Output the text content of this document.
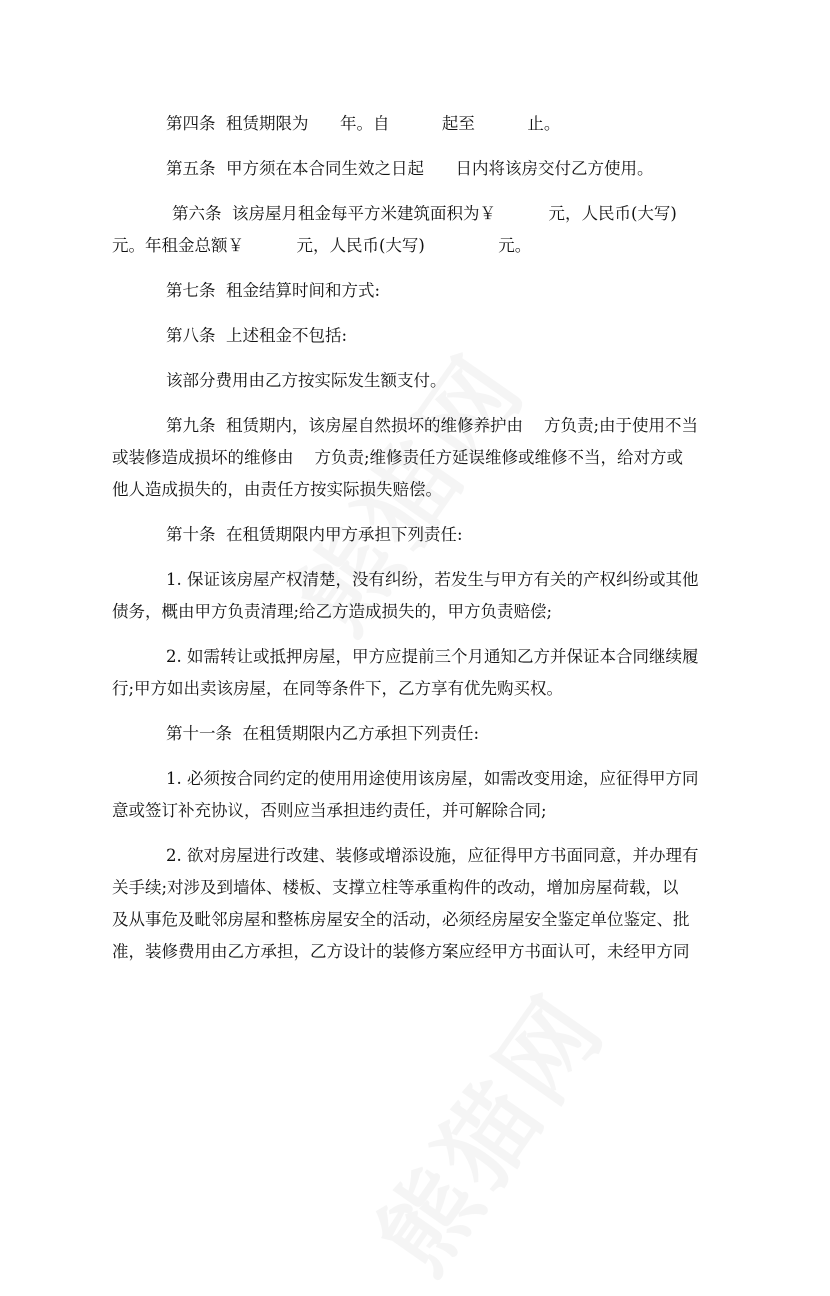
第四条  租赁期限为      年。自          起至          止。

第五条  甲方须在本合同生效之日起      日内将该房交付乙方使用。

第六条  该房屋月租金每平方米建筑面积为￥          元，人民币(大写)

元。年租金总额￥          元，人民币(大写)              元。

第七条  租金结算时间和方式:

第八条  上述租金不包括:

该部分费用由乙方按实际发生额支付。

第九条  租赁期内，该房屋自然损坏的维修养护由    方负责;由于使用不当

或装修造成损坏的维修由    方负责;维修责任方延误维修或维修不当，给对方或

他人造成损失的，由责任方按实际损失赔偿。

第十条  在租赁期限内甲方承担下列责任:

1. 保证该房屋产权清楚，没有纠纷，若发生与甲方有关的产权纠纷或其他

债务，概由甲方负责清理;给乙方造成损失的，甲方负责赔偿;

2. 如需转让或抵押房屋，甲方应提前三个月通知乙方并保证本合同继续履

行;甲方如出卖该房屋，在同等条件下，乙方享有优先购买权。

第十一条  在租赁期限内乙方承担下列责任:

1. 必须按合同约定的使用用途使用该房屋，如需改变用途，应征得甲方同

意或签订补充协议，否则应当承担违约责任，并可解除合同;

2. 欲对房屋进行改建、装修或增添设施，应征得甲方书面同意，并办理有

关手续;对涉及到墙体、楼板、支撑立柱等承重构件的改动，增加房屋荷载，以

及从事危及毗邻房屋和整栋房屋安全的活动，必须经房屋安全鉴定单位鉴定、批

准，装修费用由乙方承担，乙方设计的装修方案应经甲方书面认可，未经甲方同
